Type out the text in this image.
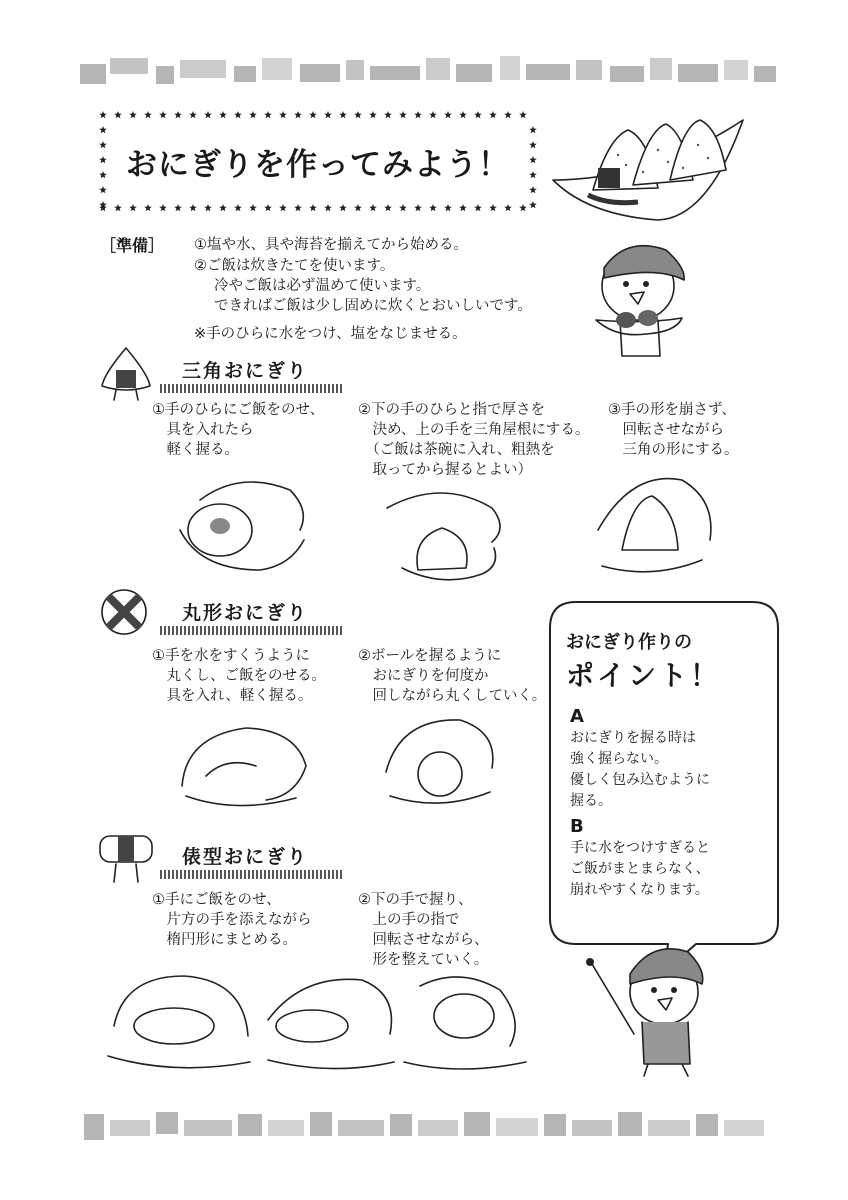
おにぎりを作ってみよう！
［準備］ ①塩や水、具や海苔を揃えてから始める。
②ご飯は炊きたてを使います。
冷やご飯は必ず温めて使います。
できればご飯は少し固めに炊くとおいしいです。
※手のひらに水をつけ、塩をなじませる。
三角おにぎり
①手のひらにご飯をのせ、
　具を入れたら
　軽く握る。
②下の手のひらと指で厚さを
　決め、上の手を三角屋根にする。
　（ご飯は茶碗に入れ、粗熱を
　取ってから握るとよい）
③手の形を崩さず、
　回転させながら
　三角の形にする。
丸形おにぎり
①手を水をすくうように
　丸くし、ご飯をのせる。
　具を入れ、軽く握る。
②ボールを握るように
　おにぎりを何度か
　回しながら丸くしていく。
俵型おにぎり
①手にご飯をのせ、
　片方の手を添えながら
　楕円形にまとめる。
②下の手で握り、
　上の手の指で
　回転させながら、
　形を整えていく。
おにぎり作りの
ポイント！
A
おにぎりを握る時は
強く握らない。
優しく包み込むように
握る。
B
手に水をつけすぎると
ご飯がまとまらなく、
崩れやすくなります。
